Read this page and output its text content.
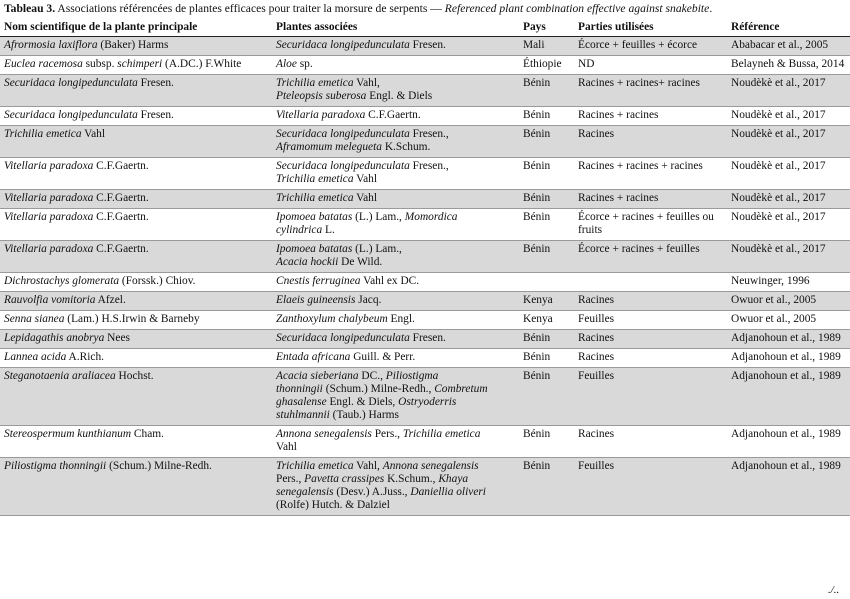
Tableau 3. Associations référencées de plantes efficaces pour traiter la morsure de serpents — Referenced plant combination effective against snakebite.
Nom scientifique de la plante principale	Plantes associées	Pays	Parties utilisées	Référence
Afrormosia laxiflora (Baker) Harms	Securidaca longipedunculata Fresen.	Mali	Écorce + feuilles + écorce	Ababacar et al., 2005
Euclea racemosa subsp. schimperi (A.DC.) F.White	Aloe sp.	Éthiopie	ND	Belayneh & Bussa, 2014
Securidaca longipedunculata Fresen.	Trichilia emetica Vahl,
Pteleopsis suberosa Engl. & Diels	Bénin	Racines + racines+ racines	Noudèkè et al., 2017
Securidaca longipedunculata Fresen.	Vitellaria paradoxa C.F.Gaertn.	Bénin	Racines + racines	Noudèkè et al., 2017
Trichilia emetica Vahl	Securidaca longipedunculata Fresen.,
Aframomum melegueta K.Schum.	Bénin	Racines	Noudèkè et al., 2017
Vitellaria paradoxa C.F.Gaertn.	Securidaca longipedunculata Fresen.,
Trichilia emetica Vahl	Bénin	Racines + racines + racines	Noudèkè et al., 2017
Vitellaria paradoxa C.F.Gaertn.	Trichilia emetica Vahl	Bénin	Racines + racines	Noudèkè et al., 2017
Vitellaria paradoxa C.F.Gaertn.	Ipomoea batatas (L.) Lam., Momordica
cylindrica L.	Bénin	Écorce + racines + feuilles ou fruits	Noudèkè et al., 2017
Vitellaria paradoxa C.F.Gaertn.	Ipomoea batatas (L.) Lam.,
Acacia hockii De Wild.	Bénin	Écorce + racines + feuilles	Noudèkè et al., 2017
Dichrostachys glomerata (Forssk.) Chiov.	Cnestis ferruginea Vahl ex DC.			Neuwinger, 1996
Rauvolfia vomitoria Afzel.	Elaeis guineensis Jacq.	Kenya	Racines	Owuor et al., 2005
Senna sianea (Lam.) H.S.Irwin & Barneby	Zanthoxylum chalybeum Engl.	Kenya	Feuilles	Owuor et al., 2005
Lepidagathis anobrya Nees	Securidaca longipedunculata Fresen.	Bénin	Racines	Adjanohoun et al., 1989
Lannea acida A.Rich.	Entada africana Guill. & Perr.	Bénin	Racines	Adjanohoun et al., 1989
Steganotaenia araliacea Hochst.	Acacia sieberiana DC., Piliostigma
thonningii (Schum.) Milne-Redh., Combretum
ghasalense Engl. & Diels, Ostryoderris
stuhlmannii (Taub.) Harms	Bénin	Feuilles	Adjanohoun et al., 1989
Stereospermum kunthianum Cham.	Annona senegalensis Pers., Trichilia emetica
Vahl	Bénin	Racines	Adjanohoun et al., 1989
Piliostigma thonningii (Schum.) Milne-Redh.	Trichilia emetica Vahl, Annona senegalensis
Pers., Pavetta crassipes K.Schum., Khaya
senegalensis (Desv.) A.Juss., Daniellia oliveri
(Rolfe) Hutch. & Dalziel	Bénin	Feuilles	Adjanohoun et al., 1989
./..
